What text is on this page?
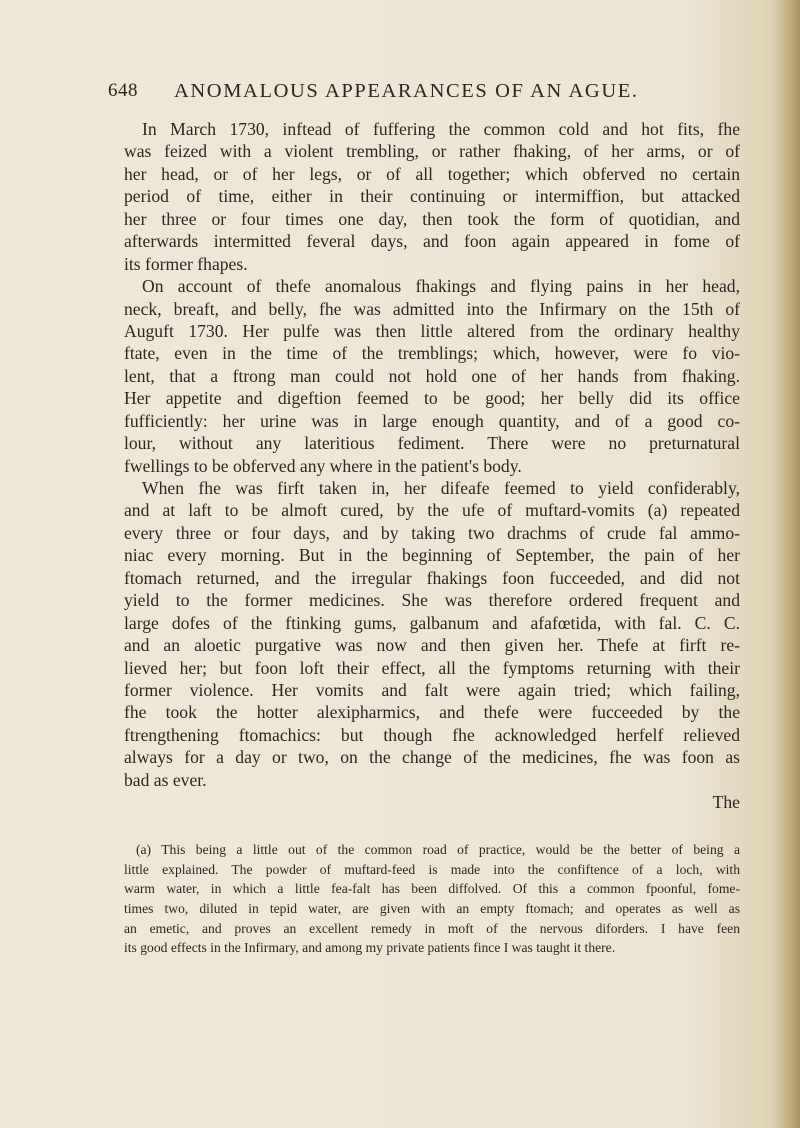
648 ANOMALOUS APPEARANCES OF AN AGUE.
In March 1730, inftead of fuffering the common cold and hot fits, fhe
was feized with a violent trembling, or rather fhaking, of her arms, or of
her head, or of her legs, or of all together; which obferved no certain
period of time, either in their continuing or intermiffion, but attacked
her three or four times one day, then took the form of quotidian, and
afterwards intermitted feveral days, and foon again appeared in fome of
its former fhapes.
On account of thefe anomalous fhakings and flying pains in her head,
neck, breaft, and belly, fhe was admitted into the Infirmary on the 15th of
Auguft 1730. Her pulfe was then little altered from the ordinary healthy
ftate, even in the time of the tremblings; which, however, were fo vio-
lent, that a ftrong man could not hold one of her hands from fhaking.
Her appetite and digeftion feemed to be good; her belly did its office
fufficiently: her urine was in large enough quantity, and of a good co-
lour, without any lateritious fediment. There were no preturnatural
fwellings to be obferved any where in the patient's body.
When fhe was firft taken in, her difeafe feemed to yield confiderably,
and at laft to be almoft cured, by the ufe of muftard-vomits (a) repeated
every three or four days, and by taking two drachms of crude fal ammo-
niac every morning. But in the beginning of September, the pain of her
ftomach returned, and the irregular fhakings foon fucceeded, and did not
yield to the former medicines. She was therefore ordered frequent and
large dofes of the ftinking gums, galbanum and afafœtida, with fal. C. C.
and an aloetic purgative was now and then given her. Thefe at firft re-
lieved her; but foon loft their effect, all the fymptoms returning with their
former violence. Her vomits and falt were again tried; which failing,
fhe took the hotter alexipharmics, and thefe were fucceeded by the
ftrengthening ftomachics: but though fhe acknowledged herfelf relieved
always for a day or two, on the change of the medicines, fhe was foon as
bad as ever.
The
(a) This being a little out of the common road of practice, would be the better of being a
little explained. The powder of muftard-feed is made into the confiftence of a loch, with
warm water, in which a little fea-falt has been diffolved. Of this a common fpoonful, fome-
times two, diluted in tepid water, are given with an empty ftomach; and operates as well as
an emetic, and proves an excellent remedy in moft of the nervous diforders. I have feen
its good effects in the Infirmary, and among my private patients fince I was taught it there.
